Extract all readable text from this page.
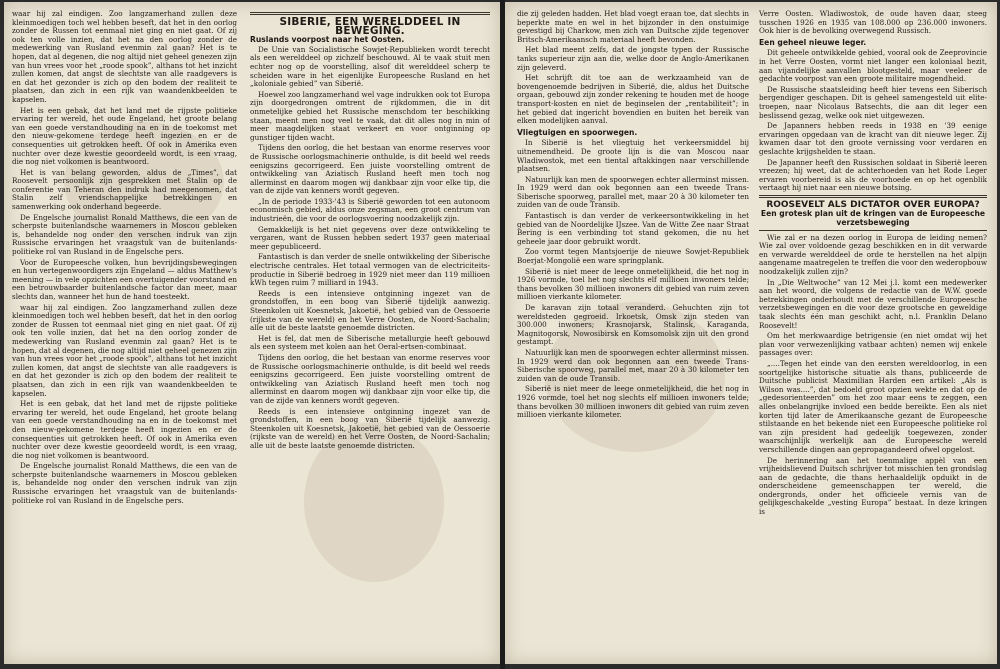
waar hij zal eindigen. Zoo langzamerhand zullen deze kleinmoedigen toch wel hebben beseft, dat het in den oorlog zonder de Russen tot eenmaal niet ging en niet gaat. Of zij ook ten volle inzien, dat het na den oorlog zonder de medewerking van Rusland evenmin zal gaan? Het is te hopen, dat al degenen, die nog altijd niet geheel genezen zijn van hun vrees voor het „roode spook”, althans tot het inzicht zullen komen, dat angst de slechtste van alle raadgevers is en dat het gezonder is zich op den bodem der realiteit te plaatsen, dan zich in een rijk van waandenkbeelden te kapselen.

Het is een gebak, dat het land met de rijpste politieke ervaring ter wereld, het oude Engeland, het groote belang van een goede verstandhouding na en in de toekomst met den nieuw-gekomene terdege heeft ingezien en er de consequenties uit getrokken heeft. Of ook in Amerika even nuchter over deze kwestie geoordeeld wordt, is een vraag, die nog niet volkomen is beantwoord.

Het is van belang geworden, aldus de „Times”, dat Roosevelt persoonlijk zijn gesprekken met Stalin op de conferentie van Teheran den indruk had meegenomen, dat Stalin zelf vriendschappelijke betrekkingen en samenwerking ook onderhand begeerde.

De Engelsche journalist Ronald Matthews, die een van de scherpste buitenlandsche waarnemers in Moscou gebleken is, behandelde nog onder den verschen indruk van zijn Russische ervaringen het vraagstuk van de buitenlands-politieke rol van Rusland in de Engelsche pers.

Voor de Europeesche volken, hun bevrijdingsbewegingen en hun vertegenwoordigers zijn Engeland — aldus Matthew's meening — in vele opzichten een overtuigender voorstand en een betrouwbaarder buitenlandsche factor dan meer, maar slechts dan, wanneer het hun de hand toesteekt.

waar hij zal eindigen. Zoo langzamerhand zullen deze kleinmoedigen toch wel hebben beseft, dat het in den oorlog zonder de Russen tot eenmaal niet ging en niet gaat. Of zij ook ten volle inzien, dat het na den oorlog zonder de medewerking van Rusland evenmin zal gaan? Het is te hopen, dat al degenen, die nog altijd niet geheel genezen zijn van hun vrees voor het „roode spook”, althans tot het inzicht zullen komen, dat angst de slechtste van alle raadgevers is en dat het gezonder is zich op den bodem der realiteit te plaatsen, dan zich in een rijk van waandenkbeelden te kapselen.

Het is een gebak, dat het land met de rijpste politieke ervaring ter wereld, het oude Engeland, het groote belang van een goede verstandhouding na en in de toekomst met den nieuw-gekomene terdege heeft ingezien en er de consequenties uit getrokken heeft. Of ook in Amerika even nuchter over deze kwestie geoordeeld wordt, is een vraag, die nog niet volkomen is beantwoord.

De Engelsche journalist Ronald Matthews, die een van de scherpste buitenlandsche waarnemers in Moscou gebleken is, behandelde nog onder den verschen indruk van zijn Russische ervaringen het vraagstuk van de buitenlands-politieke rol van Rusland in de Engelsche pers.

SIBERIE, EEN WERELDDEEL IN BEWEGING.
Ruslands voorpost naar het Oosten.

De Unie van Socialistische Sowjet-Republieken wordt terecht als een werelddeel op zichzelf beschouwd. Al te vaak stuit men echter nog op de voorstelling, alsof dit werelddeel scherp te scheiden ware in het eigenlijke Europeesche Rusland en het „koloniale gebied” van Siberië.

Hoewel zoo langzamerhand wel vage indrukken ook tot Europa zijn doorgedrongen omtrent de rijkdommen, die in dit onmetelijke gebied het Russische menschdom ter beschikking staan, meent men nog veel te vaak, dat dit alles nog in min of meer maagdelijken staat verkeert en voor ontginning op gunstiger tijden wacht.

Tijdens den oorlog, die het bestaan van enorme reserves voor de Russische oorlogsmachinerie onthulde, is dit beeld wel reeds eenigszins gecorrigeerd. Een juiste voorstelling omtrent de ontwikkeling van Aziatisch Rusland heeft men toch nog allerminst en daarom mogen wij dankbaar zijn voor elke tip, die van de zijde van kenners wordt gegeven.

„In de periode 1933-'43 is Siberië geworden tot een autonoom economisch gebied, aldus onze zegsman, een groot centrum van industrieën, die voor de oorlogsvoering noodzakelijk zijn.

Gemakkelijk is het niet gegevens over deze ontwikkeling te vergaren, want de Russen hebben sedert 1937 geen materiaal meer gepubliceerd.

Fantastisch is dan verder de snelle ontwikkeling der Siberische electrische centrales. Het totaal vermogen van de electriciteits-productie in Siberië bedroeg in 1929 niet meer dan 119 millioen kWh tegen ruim 7 milliard in 1943.

Reeds is een intensieve ontginning ingezet van de grondstoffen, in een boog van Siberië tijdelijk aanwezig. Steenkolen uit Koesnetsk, Jakoetië, het gebied van de Oessoerie (rijkste van de wereld) en het Verre Oosten, de Noord-Sachalin; alle uit de beste laatste genoemde districten.

Het is fel, dat men de Siberische metallurgie heeft gebouwd als een systeem met kolen aan het Oeral-ertsen-combinaat.

Tijdens den oorlog, die het bestaan van enorme reserves voor de Russische oorlogsmachinerie onthulde, is dit beeld wel reeds eenigszins gecorrigeerd. Een juiste voorstelling omtrent de ontwikkeling van Aziatisch Rusland heeft men toch nog allerminst en daarom mogen wij dankbaar zijn voor elke tip, die van de zijde van kenners wordt gegeven.

Reeds is een intensieve ontginning ingezet van de grondstoffen, in een boog van Siberië tijdelijk aanwezig. Steenkolen uit Koesnetsk, Jakoetië, het gebied van de Oessoerie (rijkste van de wereld) en het Verre Oosten, de Noord-Sachalin; alle uit de beste laatste genoemde districten.

die zij geleden hadden. Het blad voegt eraan toe, dat slechts in beperkte mate en wel in het bijzonder in den onstuimige gevestigd bij Charkow, men zich van Duitsche zijde tegenover Britsch-Amerikaansch materiaal heeft bevonden.

Het blad meent zelfs, dat de jongste typen der Russische tanks superieur zijn aan die, welke door de Anglo-Amerikanen zijn geleverd.

Het schrijft dit toe aan de werkzaamheid van de bovengenoemde bedrijven in Siberië, die, aldus het Duitsche orgaan, gebouwd zijn zonder rekening te houden met de hooge transport-kosten en niet de beginselen der „rentabiliteit”; in het gebied dat ingericht bovendien en buiten het bereik van elken modelijken aanval.

Vliegtuigen en spoorwegen.

In Siberië is het vliegtuig het verkeersmiddel bij uitnemendheid. De groote lijn is die van Moscou naar Wladiwostok, met een tiental aftakkingen naar verschillende plaatsen.

Natuurlijk kan men de spoorwegen echter allerminst missen. In 1929 werd dan ook begonnen aan een tweede Trans-Siberische spoorweg, parallel met, maar 20 à 30 kilometer ten zuiden van de oude Transib.

Fantastisch is dan verder de verkeersontwikkeling in het gebied van de Noordelijke IJszee. Van de Witte Zee naar Straat Bering is een verbinding tot stand gekomen, die nu het geheele jaar door gebruikt wordt.

Zoo vormt tegen Mantsjoerije de nieuwe Sowjet-Republiek Boerjat-Mongolië een ware springplank.

Siberië is niet meer de leege onmetelijkheid, die het nog in 1926 vormde, toel het nog slechts elf millioen inwoners telde; thans bevolken 30 millioen inwoners dit gebied van ruim zeven millioen vierkante kilometer.

De karavan zijn totaal veranderd. Gehuchten zijn tot wereldsteden gegroeid. Irkoetsk, Omsk zijn steden van 300.000 inwoners; Krasnojarsk, Stalinsk, Karaganda, Magnitogorsk, Nowosibirsk en Komsomolsk zijn uit den grond gestampt.

Natuurlijk kan men de spoorwegen echter allerminst missen. In 1929 werd dan ook begonnen aan een tweede Trans-Siberische spoorweg, parallel met, maar 20 à 30 kilometer ten zuiden van de oude Transib.

Siberië is niet meer de leege onmetelijkheid, die het nog in 1926 vormde, toel het nog slechts elf millioen inwoners telde; thans bevolken 30 millioen inwoners dit gebied van ruim zeven millioen vierkante kilometer.

Verre Oosten. Wladiwostok, de oude haven daar, steeg tusschen 1926 en 1935 van 108.000 op 236.000 inwoners. Ook hier is de bevolking overwegend Russisch.

Een geheel nieuwe leger.

Dit geheele ontwikkelde gebied, vooral ook de Zeeprovincie in het Verre Oosten, vormt niet langer een koloniaal bezit, aan vijandelijke aanvallen blootgesteld, maar veeleer de gedachte voorpost van een groote militaire mogendheid.

De Russische staatsleiding heeft hier tevens een Siberisch bergendiger geschapen. Dit is geheel samengesteld uit elite-troepen, naar Nicolaus Batsechts, die aan dit leger een beslissend gezag, welke ook niet uitgewezen.

De Japanners hebben reeds in 1938 en '39 eenige ervaringen opgedaan van de kracht van dit nieuwe leger. Zij kwamen daar tot den groote vernissing voor verdaren en geslachte krijgshelden te staan.

De Japanner heeft den Russischen soldaat in Siberië leeren vreezen; hij weet, dat de achterhoeden van het Rode Leger ervaren voorbereid is als de voorhoede en op het ogenblik vertaagt hij niet naar een nieuwe botsing.

ROOSEVELT ALS DICTATOR OVER EUROPA?
Een grotesk plan uit de kringen van de Europeesche verzetsbeweging

Wie zal er na dezen oorlog in Europa de leiding nemen? Wie zal over voldoende gezag beschikken en in dit verwarde en verwarde werelddeel de orde te herstellen na het alpijn aangename maatregelen te treffen die voor den wederopbouw noodzakelijk zullen zijn?

In „Die Weltwoche” van 12 Mei j.l. komt een medewerker aan het woord, die volgens de redactie van de W.W. goede betrekkingen onderhoudt met de verschillende Europeesche verzetsbewegingen en die voor deze grootsche en geweldige taak slechts één man geschikt acht, n.l. Franklin Delano Roosevelt!

Om het merkwaardige betrigensie (en niet omdat wij het plan voor verwezenlijking vatbaar achten) nemen wij enkele passages over:

„....Tegen het einde van den eersten wereldoorlog, in een soortgelijke historische situatie als thans, publiceerde de Duitsche publicist Maximilian Harden een artikel: „Als is Wilson was....”, dat bedoeld groot opzien wekte en dat op de „gedesorienteerden” om het zoo maar eens te zeggen, een alles onbelangrijke invloed een bedde bereikte. Een als niet korten tijd later de Amerikaansche gezant de Europeesche stilstaande en het bekende niet een Europeesche politieke rol van zijn president had gedeelijk toegewezen, zonder waarschijnlijk werkelijk aan de Europeesche wereld verschillende dingen aan gepropagandeerd ofwel opgelost.

De herinnering aan het toenmalige appèl van een vrijheidslievend Duitsch schrijver tot misschien ten grondslag aan de gedachte, die thans herhaaldelijk opduikt in de onderscheidene gemeenschappen ter wereld, die ondergronds, onder het officieele vernis van de gelijkgeschakelde „vesting Europa” bestaat. In deze kringen is
